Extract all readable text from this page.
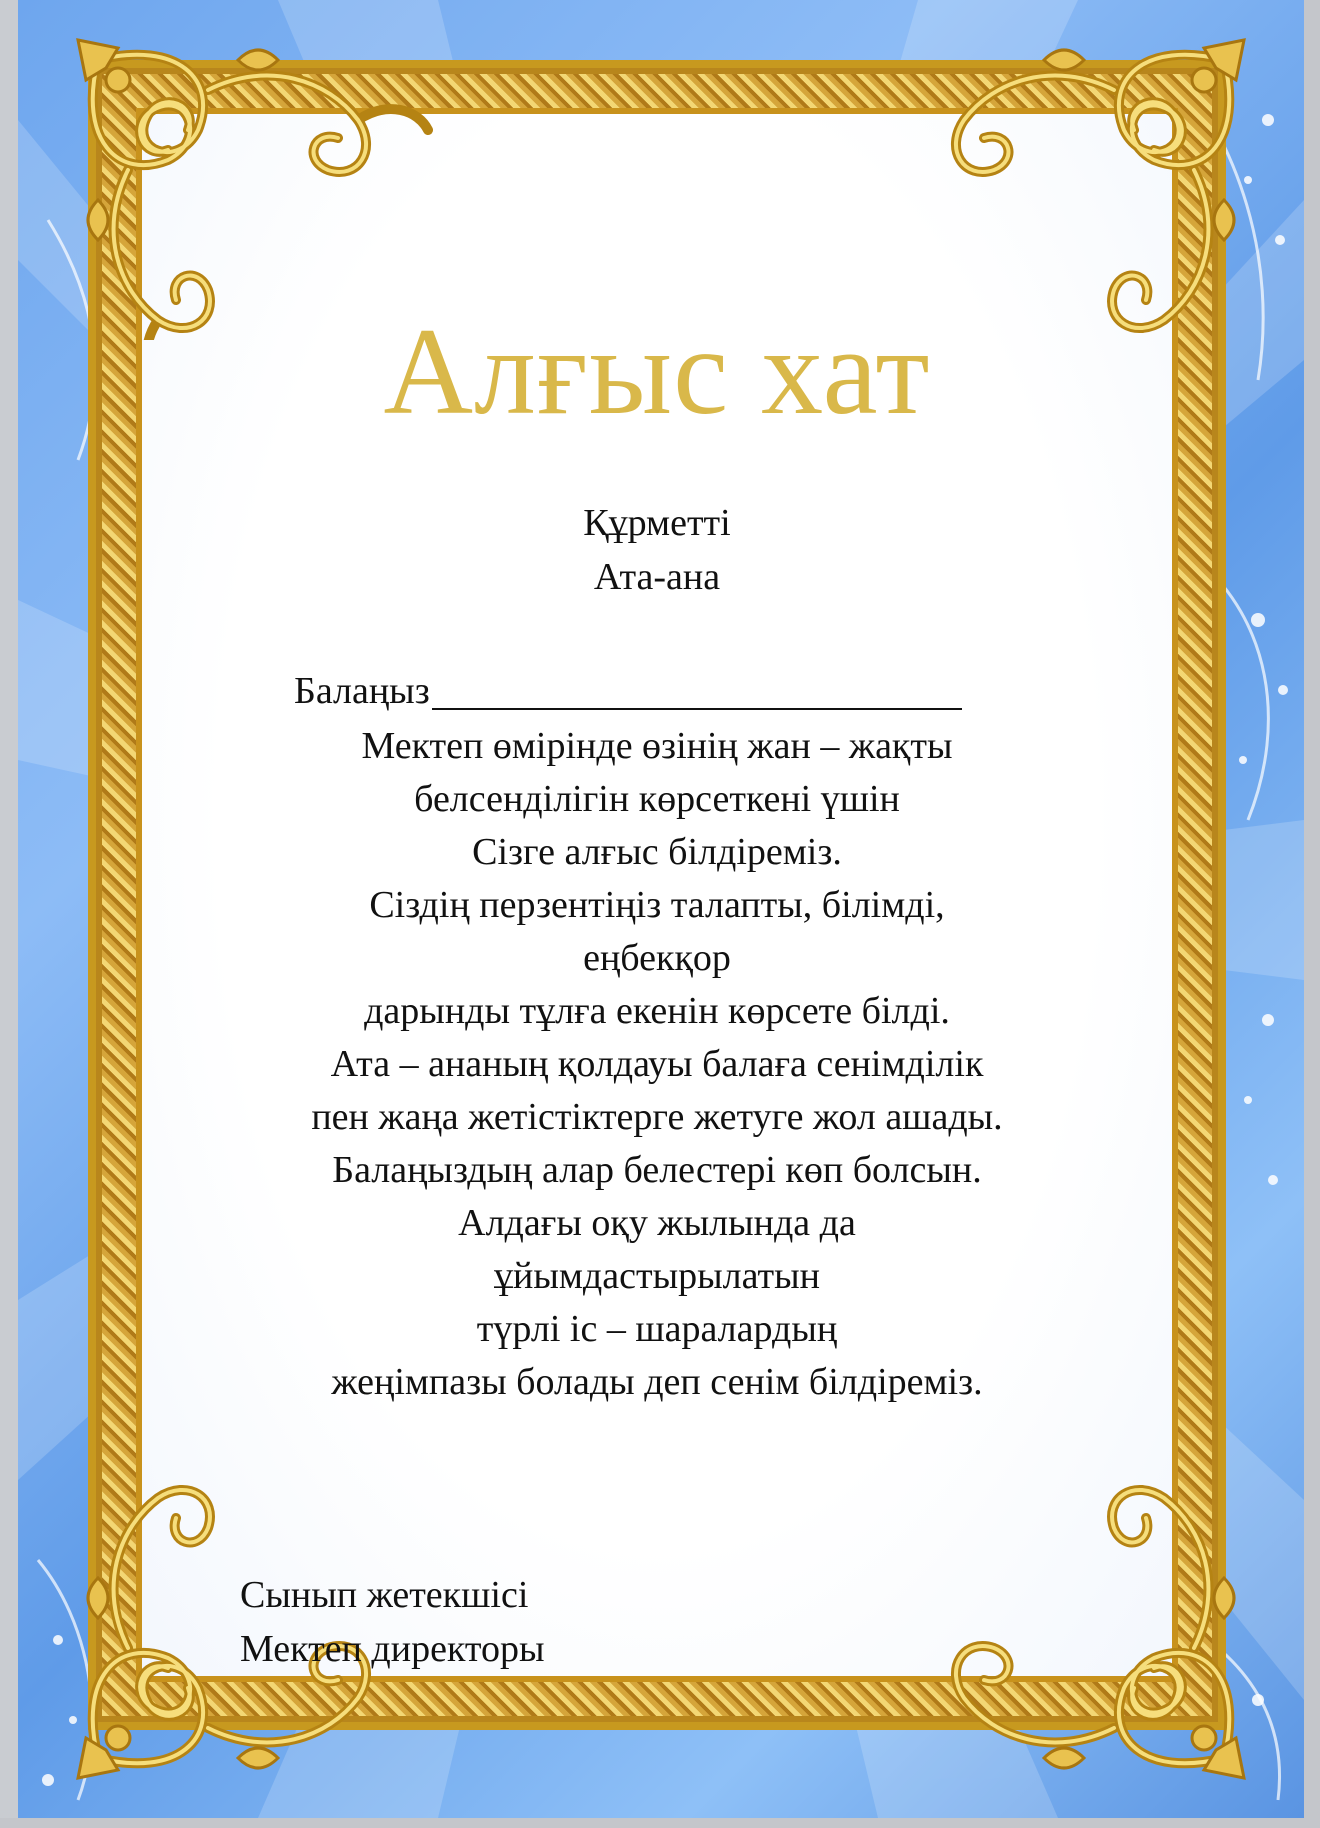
Алғыс хат
Құрметті
Ата-ана
Балаңыз
Мектеп өмірінде өзінің жан – жақты
белсенділігін көрсеткені үшін
Сізге алғыс білдіреміз.
Сіздің перзентіңіз талапты, білімді,
еңбекқор
дарынды тұлға екенін көрсете білді.
Ата – ананың қолдауы балаға сенімділік
пен жаңа жетістіктерге жетуге жол ашады.
Балаңыздың алар белестері көп болсын.
Алдағы оқу жылында да
ұйымдастырылатын
түрлі іс – шаралардың
жеңімпазы болады деп сенім білдіреміз.
Сынып жетекшісі
Мектеп директоры
